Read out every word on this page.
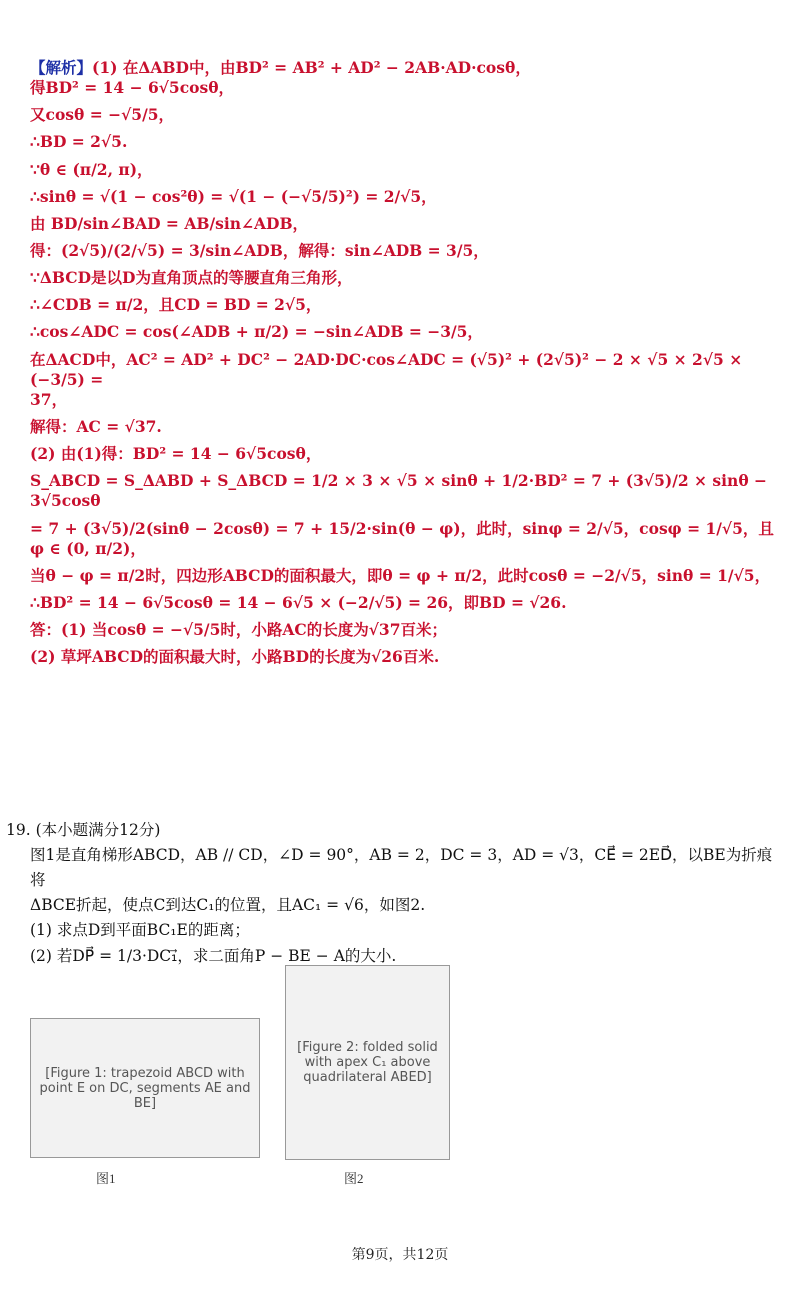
【解析】(1) 在ΔABD中，由BD² = AB² + AD² − 2AB·AD·cosθ，

得BD² = 14 − 6√5cosθ，

又cosθ = −√5/5，

∴BD = 2√5.

∵θ ∈ (π/2, π)，

∴sinθ = √(1 − cos²θ) = √(1 − (−√5/5)²) = 2/√5，

由 BD/sin∠BAD = AB/sin∠ADB，

得：(2√5)/(2/√5) = 3/sin∠ADB，解得：sin∠ADB = 3/5，

∵ΔBCD是以D为直角顶点的等腰直角三角形，

∴∠CDB = π/2，且CD = BD = 2√5，

∴cos∠ADC = cos(∠ADB + π/2) = −sin∠ADB = −3/5，

在ΔACD中，AC² = AD² + DC² − 2AD·DC·cos∠ADC = (√5)² + (2√5)² − 2 × √5 × 2√5 × (−3/5) =

37，

解得：AC = √37.

(2) 由(1)得：BD² = 14 − 6√5cosθ，

S_ABCD = S_ΔABD + S_ΔBCD = 1/2 × 3 × √5 × sinθ + 1/2·BD² = 7 + (3√5)/2 × sinθ − 3√5cosθ

= 7 + (3√5)/2(sinθ − 2cosθ) = 7 + 15/2·sin(θ − φ)，此时，sinφ = 2/√5，cosφ = 1/√5，且φ ∈ (0, π/2)，

当θ − φ = π/2时，四边形ABCD的面积最大，即θ = φ + π/2，此时cosθ = −2/√5，sinθ = 1/√5，

∴BD² = 14 − 6√5cosθ = 14 − 6√5 × (−2/√5) = 26，即BD = √26.

答：(1) 当cosθ = −√5/5时，小路AC的长度为√37百米；

(2) 草坪ABCD的面积最大时，小路BD的长度为√26百米.

19. (本小题满分12分)

图1是直角梯形ABCD，AB // CD，∠D = 90°，AB = 2，DC = 3，AD = √3，CE⃗ = 2ED⃗，以BE为折痕将

ΔBCE折起，使点C到达C₁的位置，且AC₁ = √6，如图2.

(1) 求点D到平面BC₁E的距离；

(2) 若DP⃗ = 1/3·DC₁⃗，求二面角P − BE − A的大小.

[Figure 1: trapezoid ABCD with point E on DC, segments AE and BE]
图1
[Figure 2: folded solid with apex C₁ above quadrilateral ABED]
图2
第9页，共12页
